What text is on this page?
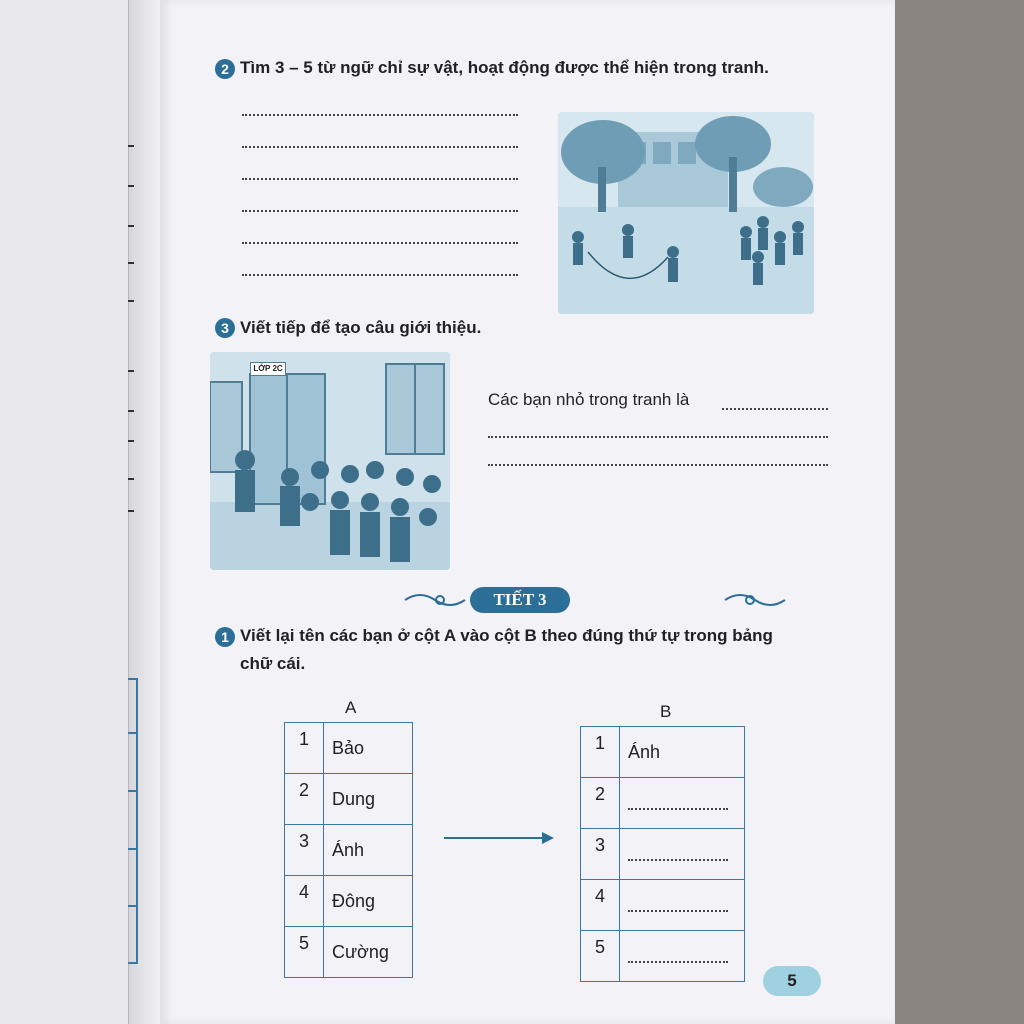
2 Tìm 3 – 5 từ ngữ chỉ sự vật, hoạt động được thể hiện trong tranh.
3 Viết tiếp để tạo câu giới thiệu.
LỚP 2C
Các bạn nhỏ trong tranh là
TIẾT 3
1 Viết lại tên các bạn ở cột A vào cột B theo đúng thứ tự trong bảng
chữ cái.
A	B
1	Bảo
2	Dung
3	Ánh
4	Đông
5	Cường
1	Ánh
2	

3	

4	

5	
5
